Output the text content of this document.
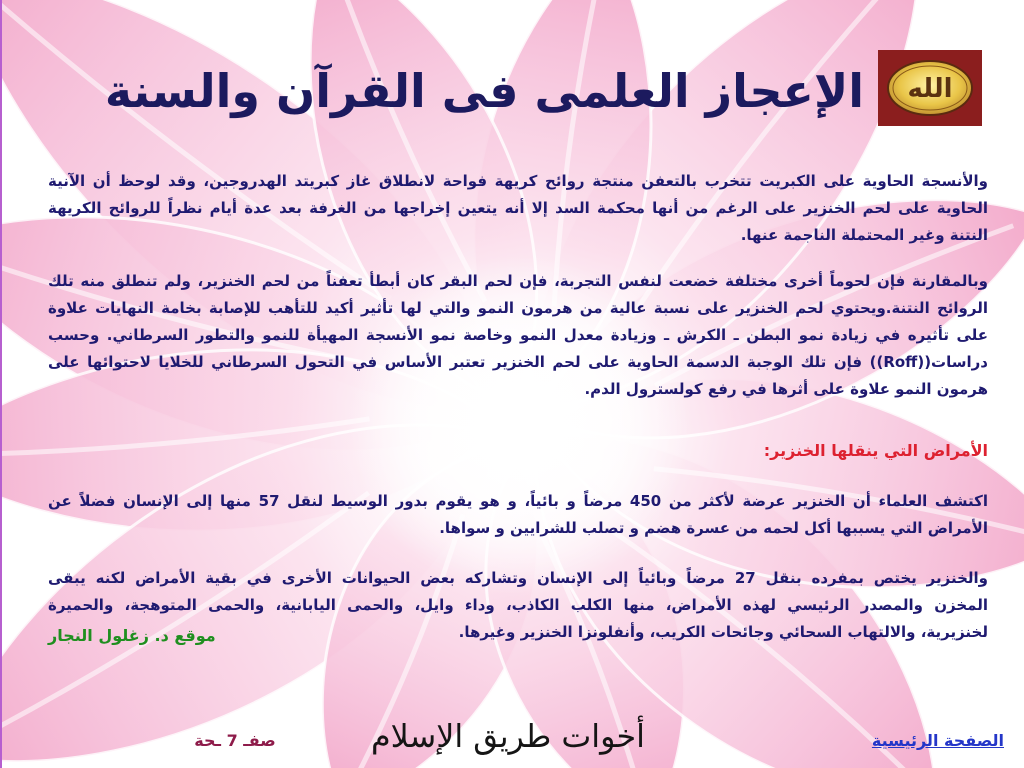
الإعجاز العلمى فى القرآن والسنة الله
والأنسجة الحاوية على الكبريت تتخرب بالتعفن منتجة روائح كريهة فواحة لانطلاق غاز كبريتد الهدروجين، وقد لوحظ أن الآنية
الحاوية على لحم الخنزير على الرغم من أنها محكمة السد إلا أنه يتعين إخراجها من الغرفة بعد عدة أيام نظراً للروائح الكريهة
النتنة وغير المحتملة الناجمة عنها.
وبالمقارنة فإن لحوماً أخرى مختلفة خضعت لنفس التجربة، فإن لحم البقر كان أبطأ تعفناً من لحم الخنزير، ولم تنطلق منه تلك
الروائح النتنة.ويحتوي لحم الخنزير على نسبة عالية من هرمون النمو والتي لها تأثير أكيد للتأهب للإصابة بخامة النهايات علاوة
على تأثيره في زيادة نمو البطن ـ الكرش ـ وزيادة معدل النمو وخاصة نمو الأنسجة المهيأة للنمو والتطور السرطاني. وحسب
دراسات((Roff)) فإن تلك الوجبة الدسمة الحاوية على لحم الخنزير تعتبر الأساس في التحول السرطاني للخلايا لاحتوائها على
هرمون النمو علاوة على أثرها في رفع كولسترول الدم.
الأمراض التي ينقلها الخنزير:
اكتشف العلماء أن الخنزير عرضة لأكثر من 450 مرضاً و بائياً، و هو يقوم بدور الوسيط لنقل 57 منها إلى الإنسان فضلاً عن
الأمراض التي يسببها أكل لحمه من عسرة هضم و تصلب للشرايين و سواها.
والخنزير يختص بمفرده بنقل 27 مرضاً وبائياً إلى الإنسان وتشاركه بعض الحيوانات الأخرى في بقية الأمراض لكنه يبقى
المخزن والمصدر الرئيسي لهذه الأمراض، منها الكلب الكاذب، وداء وايل، والحمى اليابانية، والحمى المتوهجة، والحميرة
لخنزيرية، والالتهاب السحائي وجائحات الكريب، وأنفلونزا الخنزير وغيرها.
موقع د. زغلول النجار
صفـ 7 ـحة	أخوات طريق الإسلام	الصفحة الرئيسية
